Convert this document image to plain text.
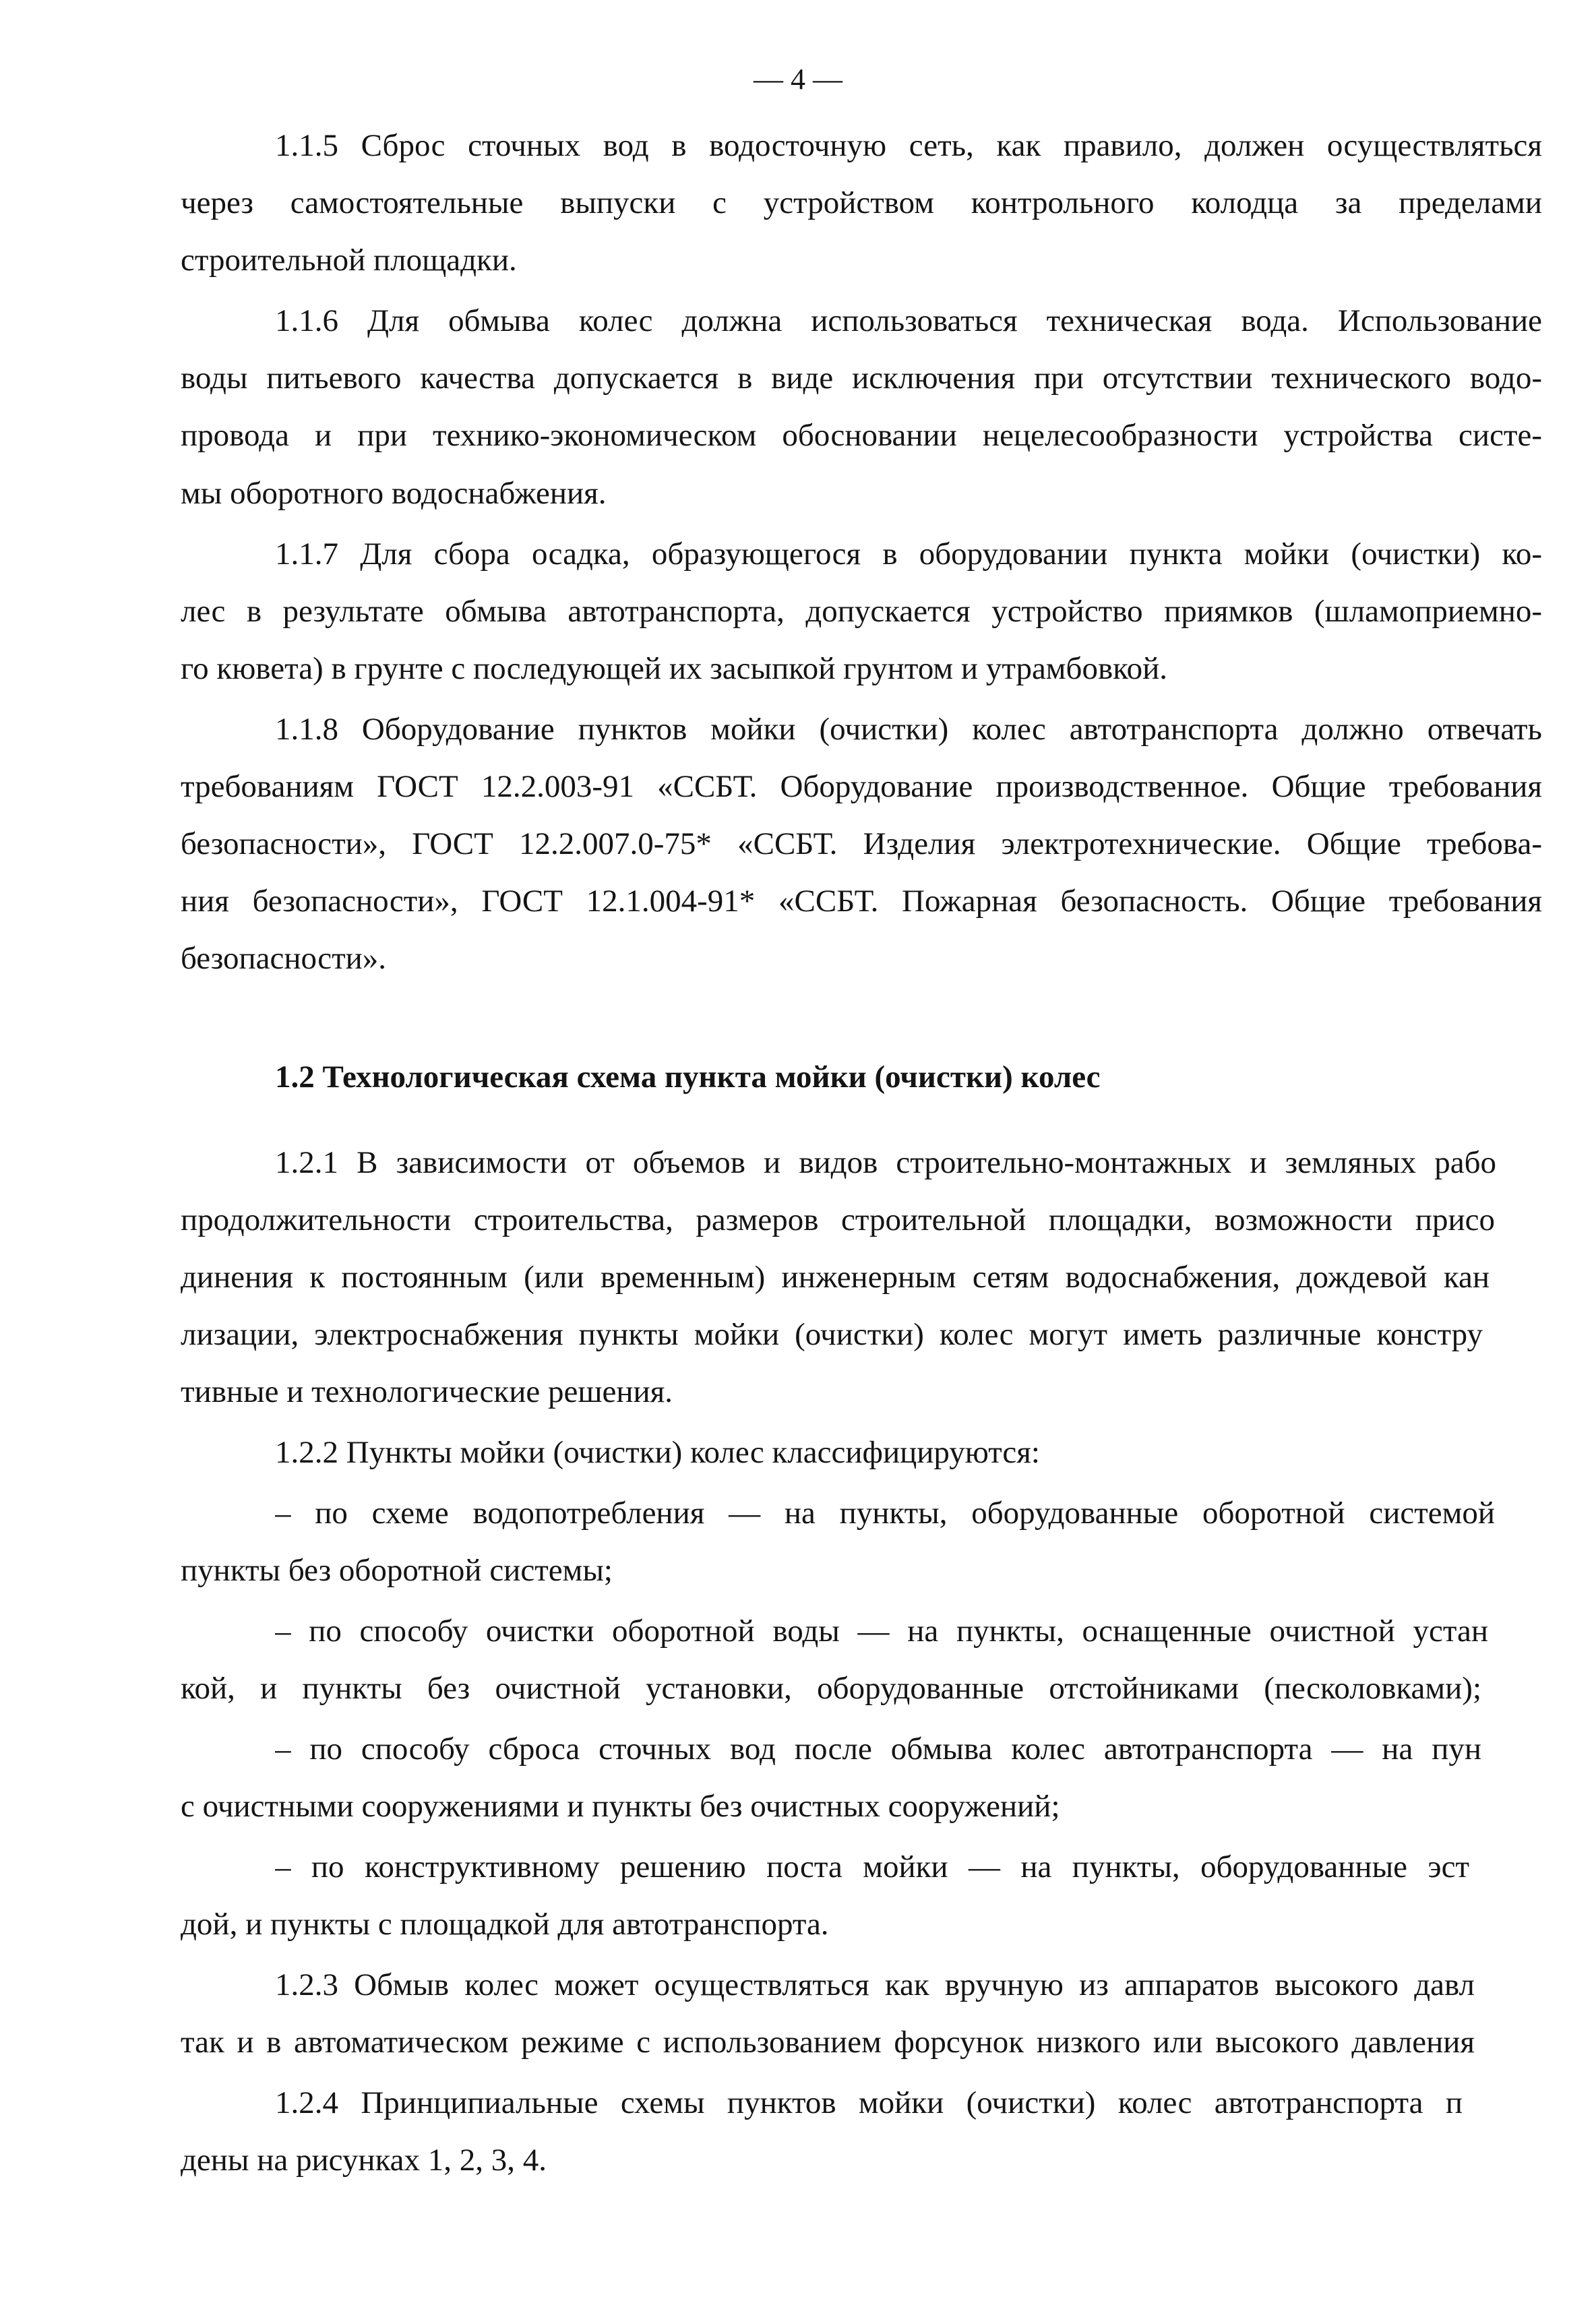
— 4 —
1.1.5 Сброс сточных вод в водосточную сеть, как правило, должен осуществляться
через самостоятельные выпуски с устройством контрольного колодца за пределами
строительной площадки.
1.1.6 Для обмыва колес должна использоваться техническая вода. Использование
воды питьевого качества допускается в виде исключения при отсутствии технического водо-
провода и при технико-экономическом обосновании нецелесообразности устройства систе-
мы оборотного водоснабжения.
1.1.7 Для сбора осадка, образующегося в оборудовании пункта мойки (очистки) ко-
лес в результате обмыва автотранспорта, допускается устройство приямков (шламоприемно-
го кювета) в грунте с последующей их засыпкой грунтом и утрамбовкой.
1.1.8 Оборудование пунктов мойки (очистки) колес автотранспорта должно отвечать
требованиям ГОСТ 12.2.003-91 «ССБТ. Оборудование производственное. Общие требования
безопасности», ГОСТ 12.2.007.0-75* «ССБТ. Изделия электротехнические. Общие требова-
ния безопасности», ГОСТ 12.1.004-91* «ССБТ. Пожарная безопасность. Общие требования
безопасности».
1.2 Технологическая схема пункта мойки (очистки) колес
1.2.1 В зависимости от объемов и видов строительно-монтажных и земляных рабо
продолжительности строительства, размеров строительной площадки, возможности присо
динения к постоянным (или временным) инженерным сетям водоснабжения, дождевой кан
лизации, электроснабжения пункты мойки (очистки) колес могут иметь различные констру
тивные и технологические решения.
1.2.2 Пункты мойки (очистки) колес классифицируются:
– по схеме водопотребления — на пункты, оборудованные оборотной системой
пункты без оборотной системы;
– по способу очистки оборотной воды — на пункты, оснащенные очистной устан
кой, и пункты без очистной установки, оборудованные отстойниками (песколовками);
– по способу сброса сточных вод после обмыва колес автотранспорта — на пун
с очистными сооружениями и пункты без очистных сооружений;
– по конструктивному решению поста мойки — на пункты, оборудованные эст
дой, и пункты с площадкой для автотранспорта.
1.2.3 Обмыв колес может осуществляться как вручную из аппаратов высокого давл
так и в автоматическом режиме с использованием форсунок низкого или высокого давления
1.2.4 Принципиальные схемы пунктов мойки (очистки) колес автотранспорта п
дены на рисунках 1, 2, 3, 4.
